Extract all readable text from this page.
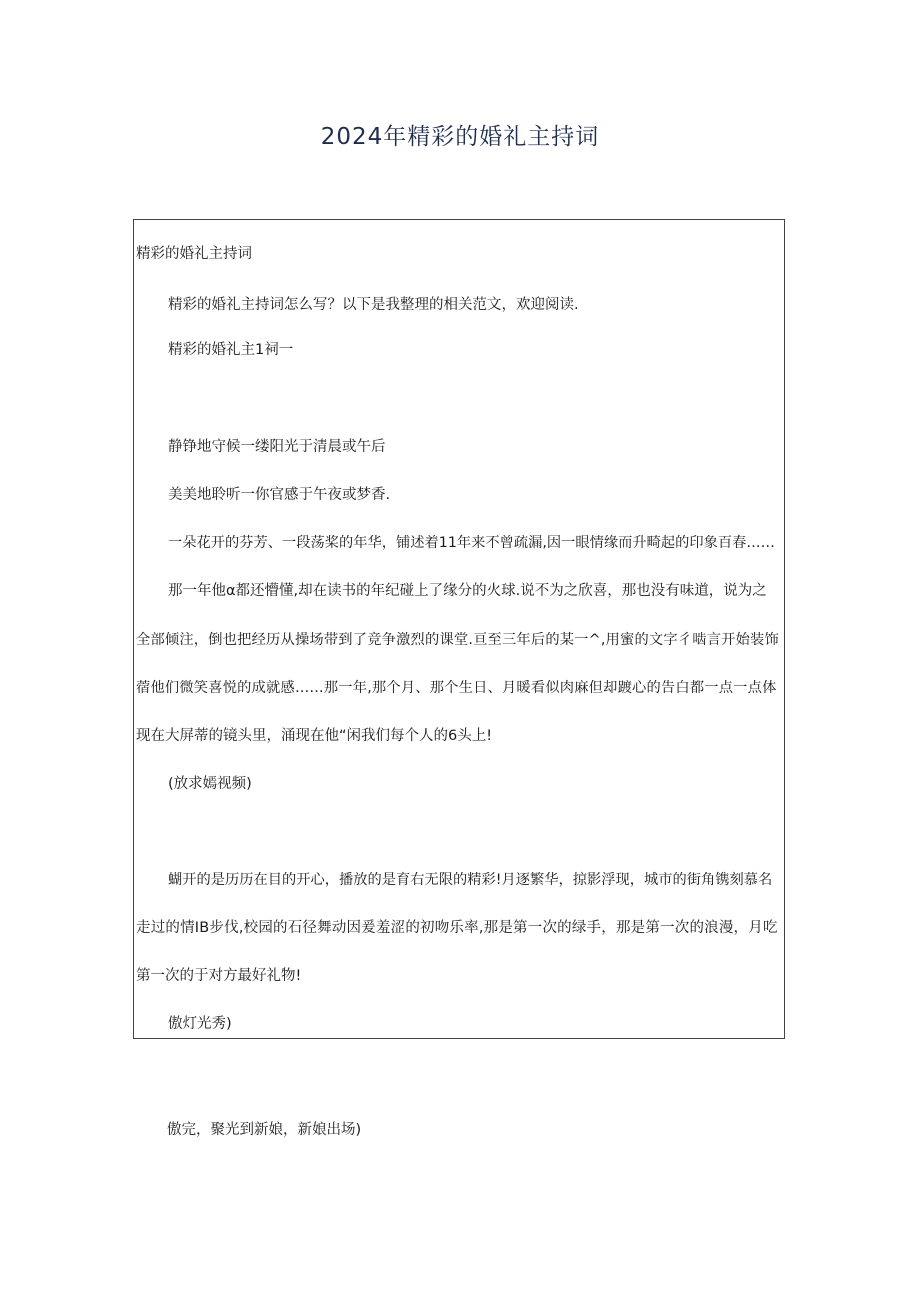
2024年精彩的婚礼主持词

精彩的婚礼主持词

精彩的婚礼主持词怎么写？以下是我整理的相关范文，欢迎阅读.

精彩的婚礼主1祠一

静铮地守候一缕阳光于清晨或午后

美美地聆听一你官感于午夜或梦香.

一朵花开的芬芳、一段荡桨的年华，铺述着11年来不曾疏漏,因一眼情缘而升畸起的印象百春……

那一年他α都还懵懂,却在读书的年纪碰上了缘分的火球.说不为之欣喜，那也没有味道，说为之

全部倾注，倒也把经历从操场带到了竞争激烈的课堂.亘至三年后的某一^,用蜜的文字彳啮言开始装饰

蓿他们微笑喜悦的成就感……那一年,那个月、那个生日、月暖看似肉麻但却踱心的告白都一点一点体

现在大屏蒂的镜头里，涌现在他“闲我们每个人的6头上!

(放求嫣视频)

蝴开的是历历在目的开心，播放的是育右无限的精彩!月逐繁华，掠影浮现，城市的街角镌刻慕名

走过的情IB步伐,校园的石径舞动因爰羞涩的初吻乐率,那是第一次的绿手，那是第一次的浪漫，月吃

第一次的于对方最好礼物!

傲灯光秀)

傲完，聚光到新娘，新娘出场)
